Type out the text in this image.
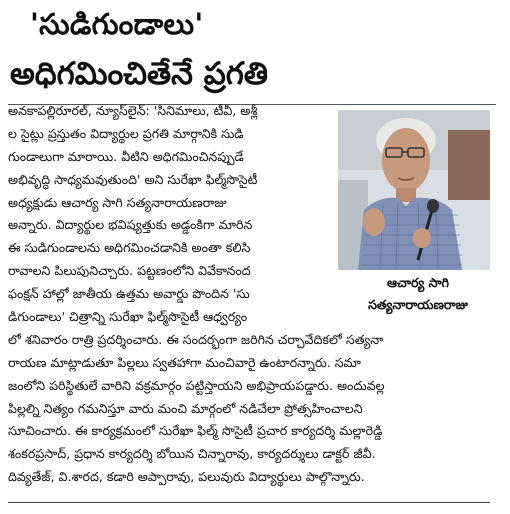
'సుడిగుండాలు'
అధిగమించితేనే ప్రగతి
అనకాపల్లిరూరల్, న్యూస్‌లైన్: 'సినిమాలు, టీవీ, అశ్లీ
ల సైట్లు ప్రస్తుతం విద్యార్థుల ప్రగతి మార్గానికి సుడి
గుండాలుగా మారాయి. వీటిని అధిగమించినప్పుడే
అభివృద్ధి సాధ్యమవుతుంది' అని సురేఖా ఫిల్మ్‌సొసైటీ
అధ్యక్షుడు ఆచార్య సాగి సత్యనారాయణరాజు
అన్నారు. విద్యార్థుల భవిష్యత్తుకు అడ్డంకిగా మారిన
ఈ సుడిగుండాలను అధిగమించడానికి అంతా కలిసి
రావాలని పిలుపునిచ్చారు. పట్టణంలోని వివేకానంద
ఫంక్షన్ హాల్లో జాతీయ ఉత్తమ అవార్డు పొందిన 'సు
డిగుండాలు' చిత్రాన్ని సురేఖా ఫిల్మ్‌సొసైటీ ఆధ్వర్యం
లో శనివారం రాత్రి ప్రదర్శించారు. ఈ సందర్భంగా జరిగిన చర్చావేదికలో సత్యనా
రాయణ మాట్లాడుతూ పిల్లలు స్వతహాగా మంచివారై ఉంటారన్నారు. సమా
జంలోని పరిస్థితులే వారిని వక్రమార్గం పట్టిస్తాయని అభిప్రాయపడ్డారు. అందువల్ల
పిల్లల్ని నిత్యం గమనిస్తూ వారు మంచి మార్గంలో నడిచేలా ప్రోత్సహించాలని
సూచించారు. ఈ కార్యక్రమంలో సురేఖా ఫిల్మ్ సొసైటీ ప్రచార కార్యదర్శి మల్లారెడ్డి
శంకరప్రసాద్, ప్రధాన కార్యదర్శి బోయిన చిన్నారావు, కార్యదర్శులు డాక్టర్ జీవీ.
దివ్యతేజ్, వి.శారద, కడారి అప్పారావు, పలువురు విద్యార్థులు పాల్గొన్నారు.
ఆచార్య సాగి
సత్యనారాయణరాజు
